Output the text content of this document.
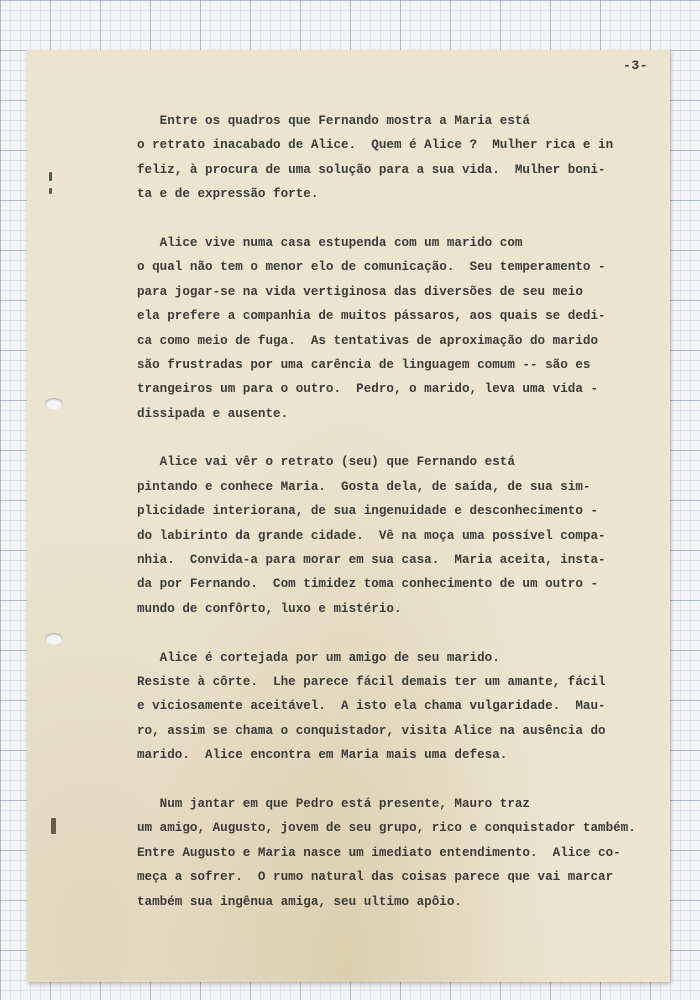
-3-
Entre os quadros que Fernando mostra a Maria está
o retrato inacabado de Alice.  Quem é Alice ?  Mulher rica e in
feliz, à procura de uma solução para a sua vida.  Mulher boni-
ta e de expressão forte.
Alice vive numa casa estupenda com um marido com
o qual não tem o menor elo de comunicação.  Seu temperamento -
para jogar-se na vida vertiginosa das diversões de seu meio
ela prefere a companhia de muitos pássaros, aos quais se dedi-
ca como meio de fuga.  As tentativas de aproximação do marido
são frustradas por uma carência de linguagem comum -- são es
trangeiros um para o outro.  Pedro, o marido, leva uma vida -
dissipada e ausente.
Alice vai vêr o retrato (seu) que Fernando está
pintando e conhece Maria.  Gosta dela, de saída, de sua sim-
plicidade interiorana, de sua ingenuidade e desconhecimento -
do labirinto da grande cidade.  Vê na moça uma possível compa-
nhia.  Convida-a para morar em sua casa.  Maria aceita, insta-
da por Fernando.  Com timidez toma conhecimento de um outro -
mundo de confôrto, luxo e mistério.
Alice é cortejada por um amigo de seu marido.
Resiste à côrte.  Lhe parece fácil demais ter um amante, fácil
e viciosamente aceitável.  A isto ela chama vulgaridade.  Mau-
ro, assim se chama o conquistador, visita Alice na ausência do
marido.  Alice encontra em Maria mais uma defesa.
Num jantar em que Pedro está presente, Mauro traz
um amigo, Augusto, jovem de seu grupo, rico e conquistador também.
Entre Augusto e Maria nasce um imediato entendimento.  Alice co-
meça a sofrer.  O rumo natural das coisas parece que vai marcar
também sua ingênua amiga, seu ultimo apôio.
